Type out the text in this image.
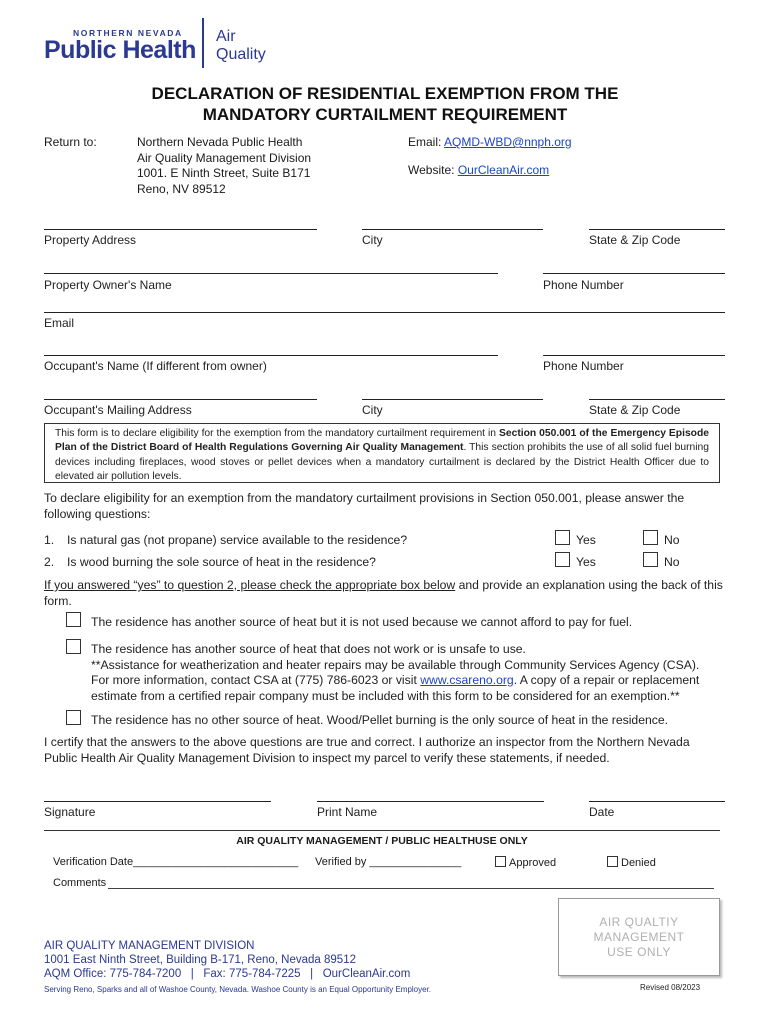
NORTHERN NEVADA
Public Health Air
Quality
DECLARATION OF RESIDENTIAL EXEMPTION FROM THE
MANDATORY CURTAILMENT REQUIREMENT
Return to:	Northern Nevada Public Health
Air Quality Management Division
1001. E Ninth Street, Suite B171
Reno, NV 89512
Email: AQMD-WBD@nnph.org
Website: OurCleanAir.com
Property Address	City	State & Zip Code
Property Owner's Name	Phone Number
Email
Occupant's Name (If different from owner)	Phone Number
Occupant's Mailing Address	City	State & Zip Code
This form is to declare eligibility for the exemption from the mandatory curtailment requirement in Section 050.001 of the Emergency Episode Plan of the District Board of Health Regulations Governing Air Quality Management. This section prohibits the use of all solid fuel burning devices including fireplaces, wood stoves or pellet devices when a mandatory curtailment is declared by the District Health Officer due to elevated air pollution levels.
To declare eligibility for an exemption from the mandatory curtailment provisions in Section 050.001, please answer the following questions:
1. Is natural gas (not propane) service available to the residence?	Yes	No
2. Is wood burning the sole source of heat in the residence?	Yes	No
If you answered “yes” to question 2, please check the appropriate box below and provide an explanation using the back of this form.
The residence has another source of heat but it is not used because we cannot afford to pay for fuel.
The residence has another source of heat that does not work or is unsafe to use.
**Assistance for weatherization and heater repairs may be available through Community Services Agency (CSA).
For more information, contact CSA at (775) 786-6023 or visit www.csareno.org. A copy of a repair or replacement
estimate from a certified repair company must be included with this form to be considered for an exemption.**
The residence has no other source of heat. Wood/Pellet burning is the only source of heat in the residence.
I certify that the answers to the above questions are true and correct. I authorize an inspector from the Northern Nevada Public Health Air Quality Management Division to inspect my parcel to verify these statements, if needed.
Signature	Print Name	Date
AIR QUALITY MANAGEMENT / PUBLIC HEALTHUSE ONLY
Verification Date___________________________ Verified by _______________	Approved	Denied
Comments
AIR QUALTIY
MANAGEMENT
USE ONLY
AIR QUALITY MANAGEMENT DIVISION
1001 East Ninth Street, Building B-171, Reno, Nevada 89512
AQM Office: 775-784-7200   |   Fax: 775-784-7225   |   OurCleanAir.com
Serving Reno, Sparks and all of Washoe County, Nevada. Washoe County is an Equal Opportunity Employer.	Revised 08/2023
